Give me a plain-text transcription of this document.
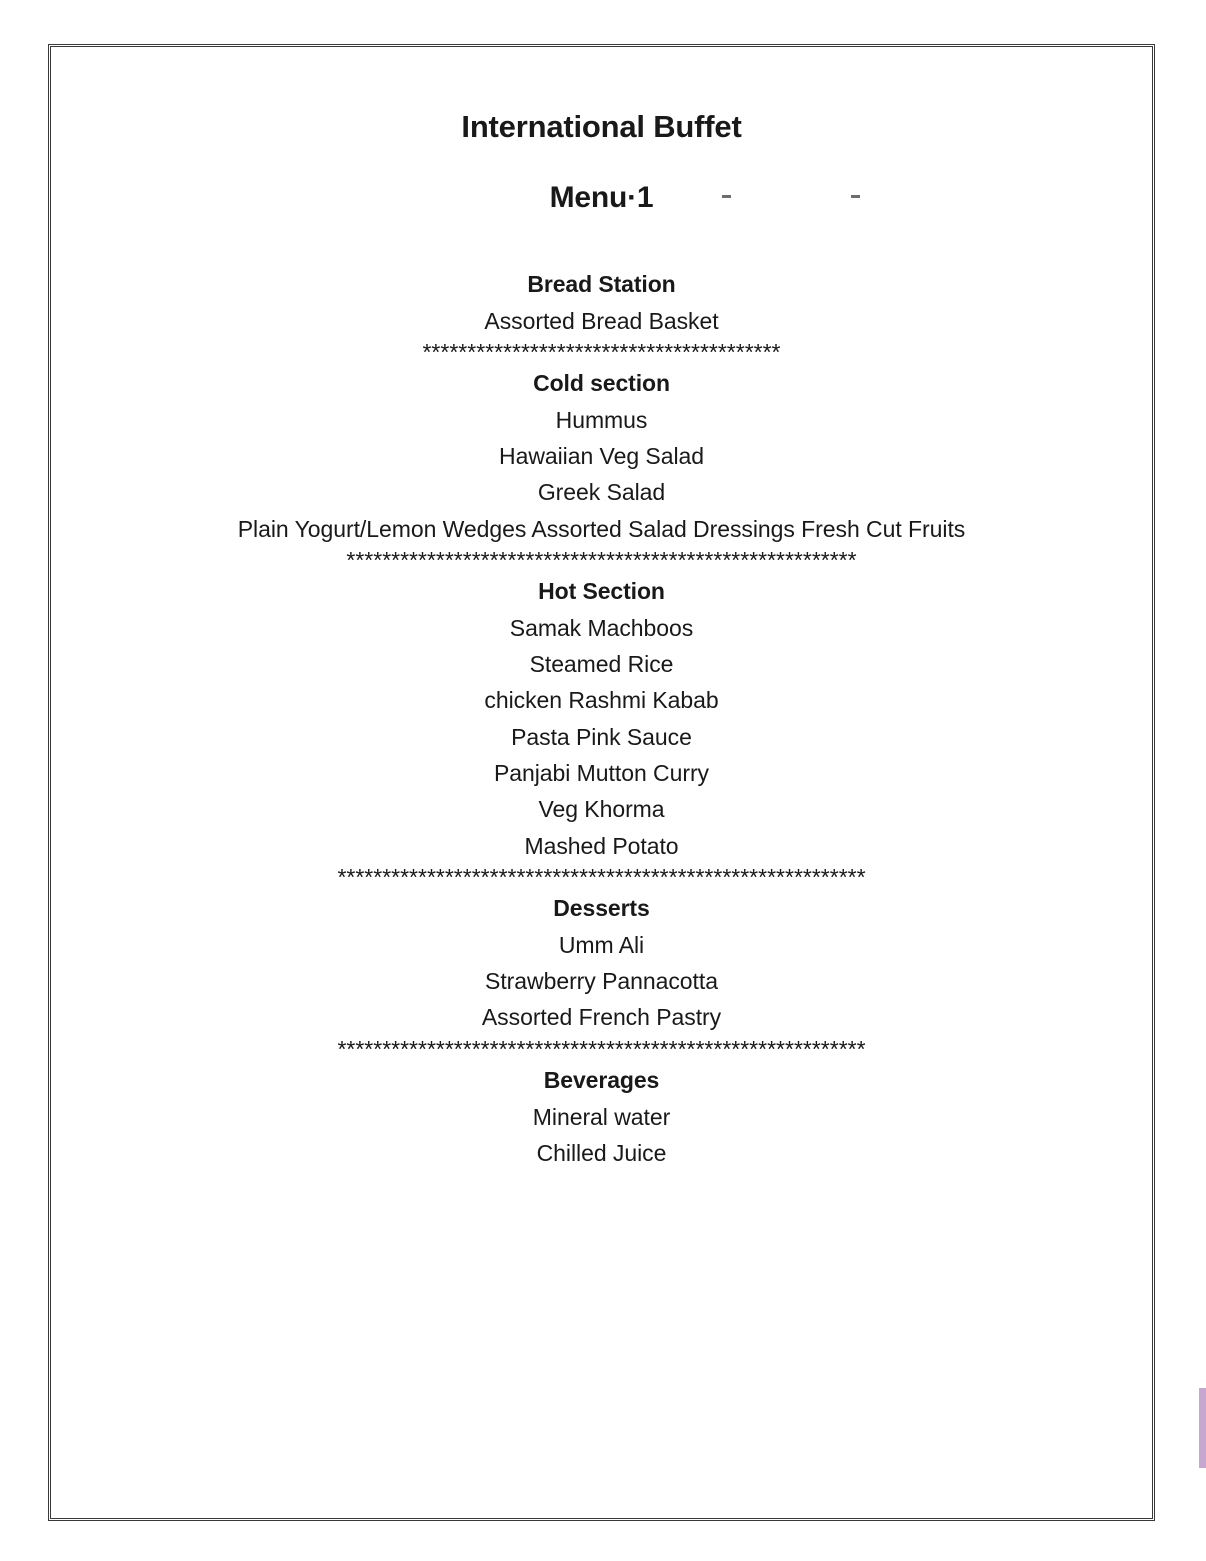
International Buffet
Menu·1
Bread Station
Assorted Bread Basket
****************************************
Cold section
Hummus
Hawaiian Veg Salad
Greek Salad
Plain Yogurt/Lemon Wedges Assorted Salad Dressings Fresh Cut Fruits
*********************************************************
Hot Section
Samak Machboos
Steamed Rice
chicken Rashmi Kabab
Pasta Pink Sauce
Panjabi Mutton Curry
Veg Khorma
Mashed Potato
***********************************************************
Desserts
Umm Ali
Strawberry Pannacotta
Assorted French Pastry
***********************************************************
Beverages
Mineral water
Chilled Juice
